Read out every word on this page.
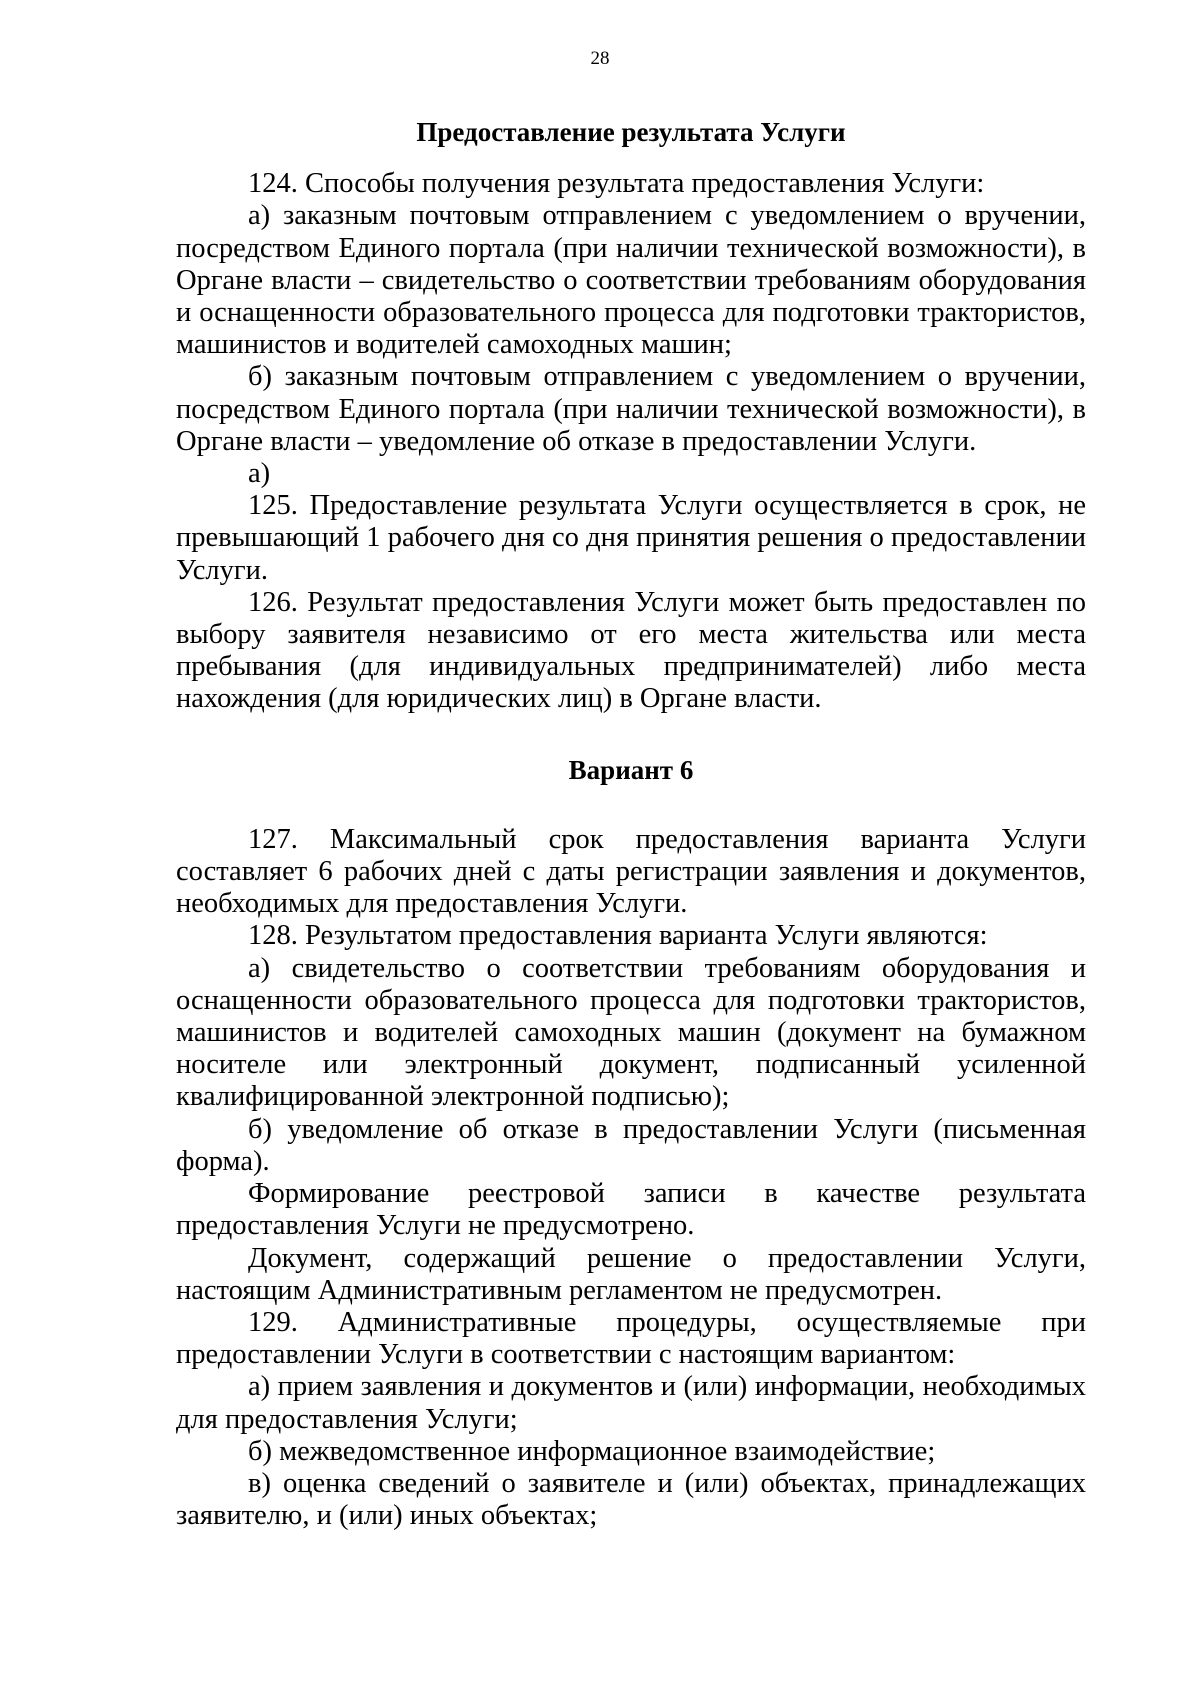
28

Предоставление результата Услуги

124. Способы получения результата предоставления Услуги:

а) заказным почтовым отправлением с уведомлением о вручении, посредством Единого портала (при наличии технической возможности), в Органе власти – свидетельство о соответствии требованиям оборудования и оснащенности образовательного процесса для подготовки трактористов, машинистов и водителей самоходных машин;

б) заказным почтовым отправлением с уведомлением о вручении, посредством Единого портала (при наличии технической возможности), в Органе власти – уведомление об отказе в предоставлении Услуги.

а)

125. Предоставление результата Услуги осуществляется в срок, не превышающий 1 рабочего дня со дня принятия решения о предоставлении Услуги.

126. Результат предоставления Услуги может быть предоставлен по выбору заявителя независимо от его места жительства или места пребывания (для индивидуальных предпринимателей) либо места нахождения (для юридических лиц) в Органе власти.

Вариант 6

127. Максимальный срок предоставления варианта Услуги составляет 6 рабочих дней с даты регистрации заявления и документов, необходимых для предоставления Услуги.

128. Результатом предоставления варианта Услуги являются:

а) свидетельство о соответствии требованиям оборудования и оснащенности образовательного процесса для подготовки трактористов, машинистов и водителей самоходных машин (документ на бумажном носителе или электронный документ, подписанный усиленной квалифицированной электронной подписью);

б) уведомление об отказе в предоставлении Услуги (письменная форма).

Формирование реестровой записи в качестве результата предоставления Услуги не предусмотрено.

Документ, содержащий решение о предоставлении Услуги, настоящим Административным регламентом не предусмотрен.

129. Административные процедуры, осуществляемые при предоставлении Услуги в соответствии с настоящим вариантом:

а) прием заявления и документов и (или) информации, необходимых для предоставления Услуги;

б) межведомственное информационное взаимодействие;

в) оценка сведений о заявителе и (или) объектах, принадлежащих заявителю, и (или) иных объектах;
